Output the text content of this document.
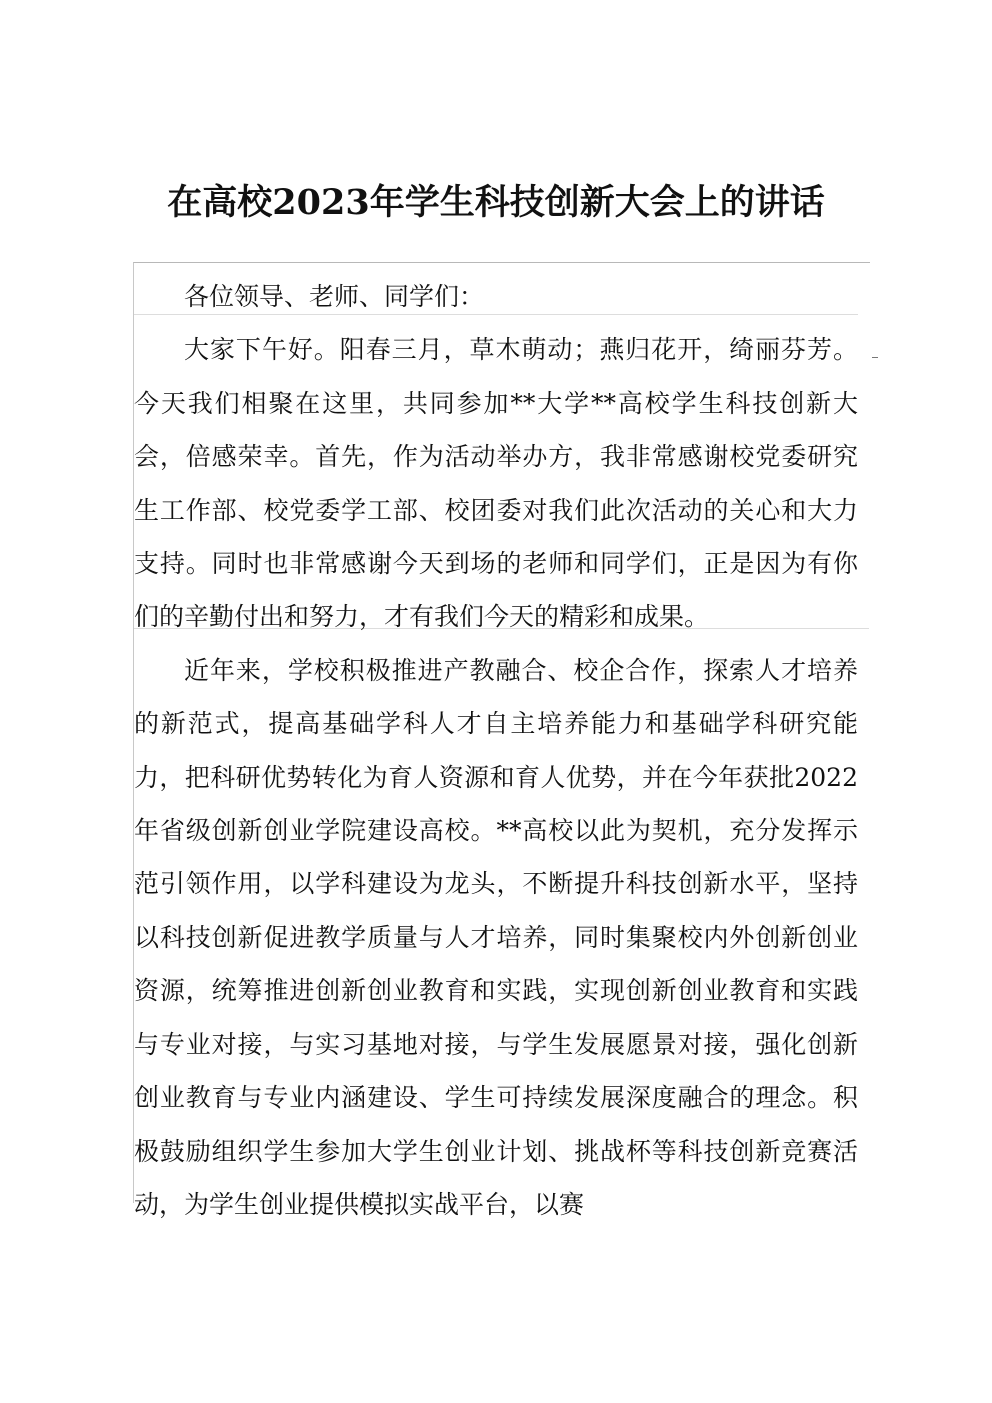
在高校2023年学生科技创新大会上的讲话

各位领导、老师、同学们：

大家下午好。阳春三月，草木萌动；燕归花开，绮丽芬芳。今天我们相聚在这里，共同参加**大学**高校学生科技创新大会，倍感荣幸。首先，作为活动举办方，我非常感谢校党委研究生工作部、校党委学工部、校团委对我们此次活动的关心和大力支持。同时也非常感谢今天到场的老师和同学们，正是因为有你们的辛勤付出和努力，才有我们今天的精彩和成果。

近年来，学校积极推进产教融合、校企合作，探索人才培养的新范式，提高基础学科人才自主培养能力和基础学科研究能力，把科研优势转化为育人资源和育人优势，并在今年获批2022年省级创新创业学院建设高校。**高校以此为契机，充分发挥示范引领作用，以学科建设为龙头，不断提升科技创新水平，坚持以科技创新促进教学质量与人才培养，同时集聚校内外创新创业资源，统筹推进创新创业教育和实践，实现创新创业教育和实践与专业对接，与实习基地对接，与学生发展愿景对接，强化创新创业教育与专业内涵建设、学生可持续发展深度融合的理念。积极鼓励组织学生参加大学生创业计划、挑战杯等科技创新竞赛活动，为学生创业提供模拟实战平台，以赛
